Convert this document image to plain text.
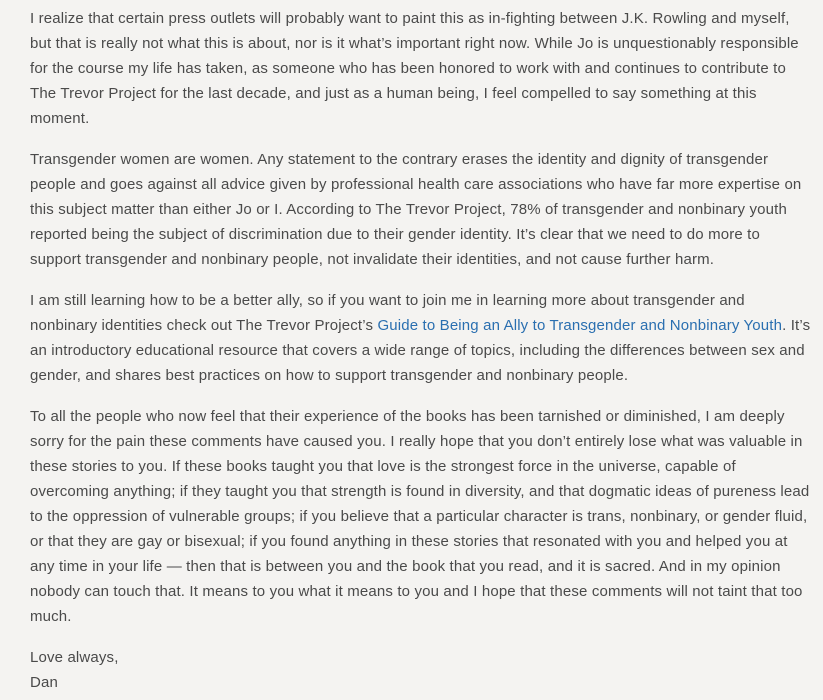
I realize that certain press outlets will probably want to paint this as in-fighting between J.K. Rowling and myself, but that is really not what this is about, nor is it what’s important right now. While Jo is unquestionably responsible for the course my life has taken, as someone who has been honored to work with and continues to contribute to The Trevor Project for the last decade, and just as a human being, I feel compelled to say something at this moment.

Transgender women are women. Any statement to the contrary erases the identity and dignity of transgender people and goes against all advice given by professional health care associations who have far more expertise on this subject matter than either Jo or I. According to The Trevor Project, 78% of transgender and nonbinary youth reported being the subject of discrimination due to their gender identity. It’s clear that we need to do more to support transgender and nonbinary people, not invalidate their identities, and not cause further harm.

I am still learning how to be a better ally, so if you want to join me in learning more about transgender and nonbinary identities check out The Trevor Project’s Guide to Being an Ally to Transgender and Nonbinary Youth. It’s an introductory educational resource that covers a wide range of topics, including the differences between sex and gender, and shares best practices on how to support transgender and nonbinary people.

To all the people who now feel that their experience of the books has been tarnished or diminished, I am deeply sorry for the pain these comments have caused you. I really hope that you don’t entirely lose what was valuable in these stories to you. If these books taught you that love is the strongest force in the universe, capable of overcoming anything; if they taught you that strength is found in diversity, and that dogmatic ideas of pureness lead to the oppression of vulnerable groups; if you believe that a particular character is trans, nonbinary, or gender fluid, or that they are gay or bisexual; if you found anything in these stories that resonated with you and helped you at any time in your life — then that is between you and the book that you read, and it is sacred. And in my opinion nobody can touch that. It means to you what it means to you and I hope that these comments will not taint that too much.

Love always,

Dan
